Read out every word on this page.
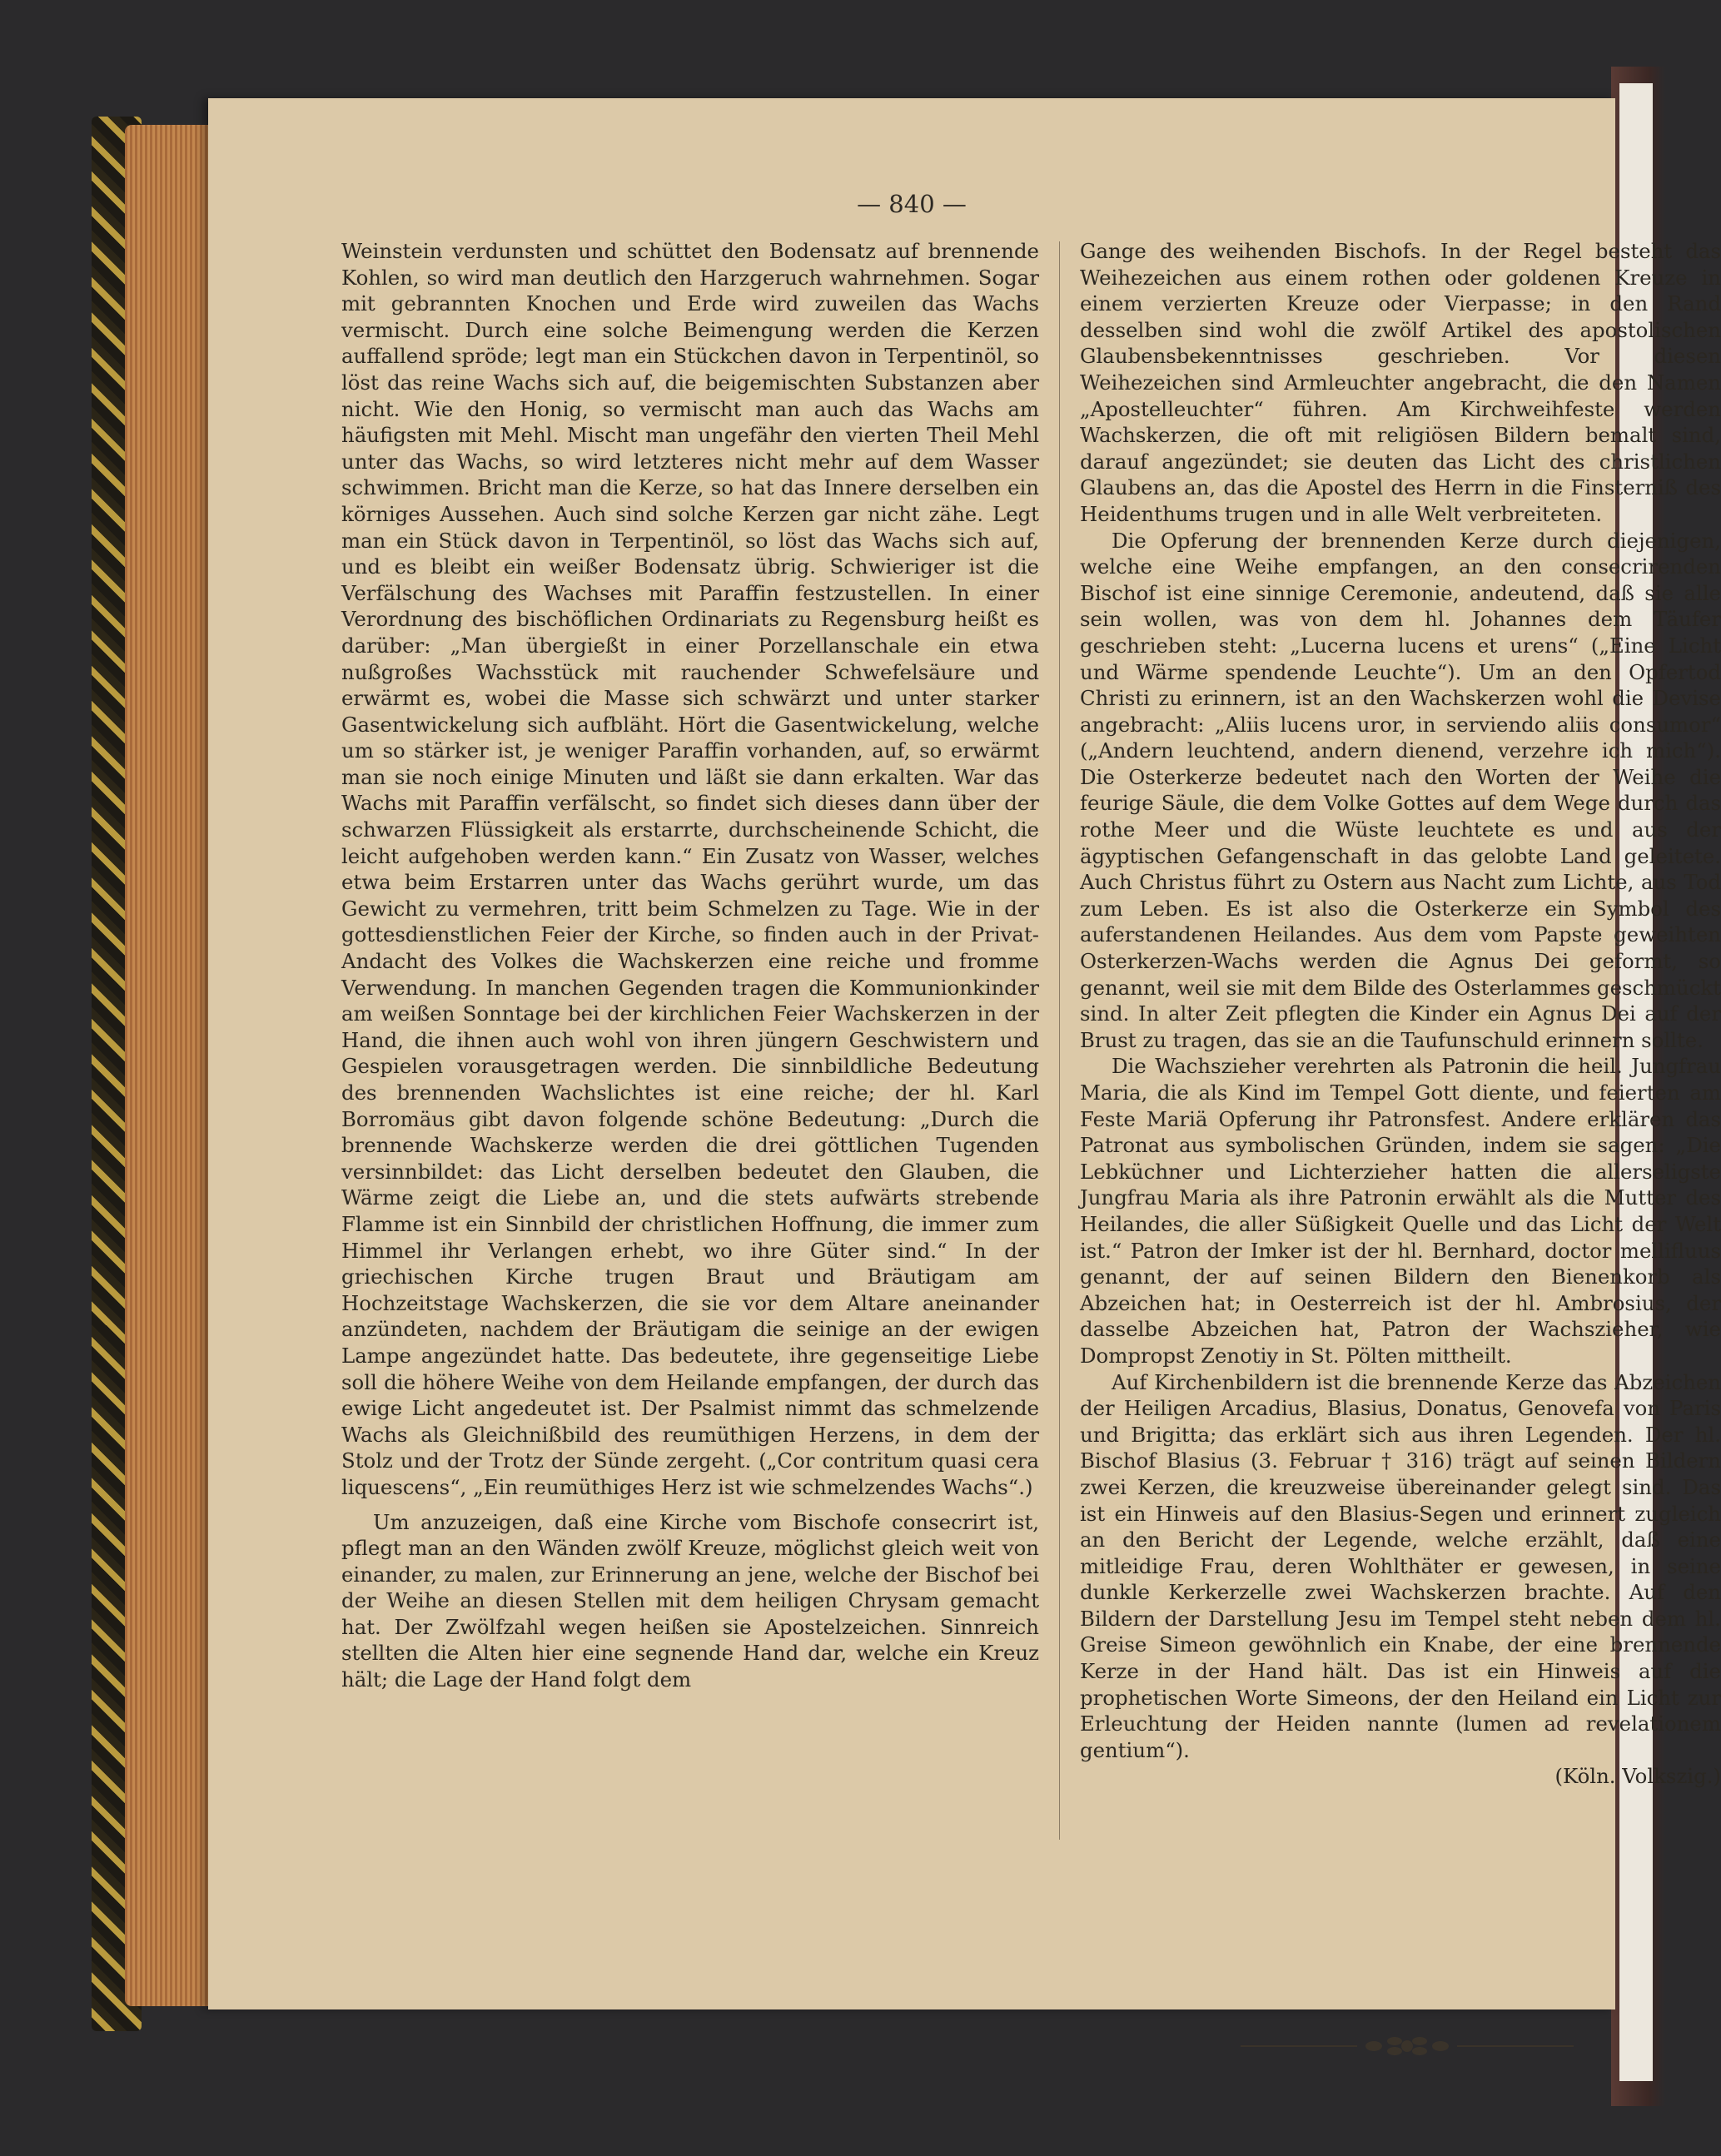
— 840 —

Weinstein verdunsten und schüttet den Bodensatz auf brennende Kohlen, so wird man deutlich den Harzgeruch wahrnehmen. Sogar mit gebrannten Knochen und Erde wird zuweilen das Wachs vermischt. Durch eine solche Beimengung werden die Kerzen auffallend spröde; legt man ein Stückchen davon in Terpentinöl, so löst das reine Wachs sich auf, die beigemischten Substanzen aber nicht. Wie den Honig, so vermischt man auch das Wachs am häufigsten mit Mehl. Mischt man ungefähr den vierten Theil Mehl unter das Wachs, so wird letzteres nicht mehr auf dem Wasser schwimmen. Bricht man die Kerze, so hat das Innere derselben ein körniges Aussehen. Auch sind solche Kerzen gar nicht zähe. Legt man ein Stück davon in Terpentinöl, so löst das Wachs sich auf, und es bleibt ein weißer Bodensatz übrig. Schwieriger ist die Verfälschung des Wachses mit Paraffin festzustellen. In einer Verordnung des bischöflichen Ordinariats zu Regensburg heißt es darüber: „Man übergießt in einer Porzellanschale ein etwa nußgroßes Wachsstück mit rauchender Schwefelsäure und erwärmt es, wobei die Masse sich schwärzt und unter starker Gasentwickelung sich aufbläht. Hört die Gasentwickelung, welche um so stärker ist, je weniger Paraffin vorhanden, auf, so erwärmt man sie noch einige Minuten und läßt sie dann erkalten. War das Wachs mit Paraffin verfälscht, so findet sich dieses dann über der schwarzen Flüssigkeit als erstarrte, durchscheinende Schicht, die leicht aufgehoben werden kann.“ Ein Zusatz von Wasser, welches etwa beim Erstarren unter das Wachs gerührt wurde, um das Gewicht zu vermehren, tritt beim Schmelzen zu Tage. Wie in der gottesdienstlichen Feier der Kirche, so finden auch in der Privat-Andacht des Volkes die Wachskerzen eine reiche und fromme Verwendung. In manchen Gegenden tragen die Kommunionkinder am weißen Sonntage bei der kirchlichen Feier Wachskerzen in der Hand, die ihnen auch wohl von ihren jüngern Geschwistern und Gespielen vorausgetragen werden. Die sinnbildliche Bedeutung des brennenden Wachslichtes ist eine reiche; der hl. Karl Borromäus gibt davon folgende schöne Bedeutung: „Durch die brennende Wachskerze werden die drei göttlichen Tugenden versinnbildet: das Licht derselben bedeutet den Glauben, die Wärme zeigt die Liebe an, und die stets aufwärts strebende Flamme ist ein Sinnbild der christlichen Hoffnung, die immer zum Himmel ihr Verlangen erhebt, wo ihre Güter sind.“ In der griechischen Kirche trugen Braut und Bräutigam am Hochzeitstage Wachskerzen, die sie vor dem Altare aneinander anzündeten, nachdem der Bräutigam die seinige an der ewigen Lampe angezündet hatte. Das bedeutete, ihre gegenseitige Liebe soll die höhere Weihe von dem Heilande empfangen, der durch das ewige Licht angedeutet ist. Der Psalmist nimmt das schmelzende Wachs als Gleichnißbild des reumüthigen Herzens, in dem der Stolz und der Trotz der Sünde zergeht. („Cor contritum quasi cera liquescens“, „Ein reumüthiges Herz ist wie schmelzendes Wachs“.)

Um anzuzeigen, daß eine Kirche vom Bischofe consecrirt ist, pflegt man an den Wänden zwölf Kreuze, möglichst gleich weit von einander, zu malen, zur Erinnerung an jene, welche der Bischof bei der Weihe an diesen Stellen mit dem heiligen Chrysam gemacht hat. Der Zwölfzahl wegen heißen sie Apostelzeichen. Sinnreich stellten die Alten hier eine segnende Hand dar, welche ein Kreuz hält; die Lage der Hand folgt dem

Gange des weihenden Bischofs. In der Regel besteht das Weihezeichen aus einem rothen oder goldenen Kreuze in einem verzierten Kreuze oder Vierpasse; in den Rand desselben sind wohl die zwölf Artikel des apostolischen Glaubensbekenntnisses geschrieben. Vor diesen Weihezeichen sind Armleuchter angebracht, die den Namen „Apostelleuchter“ führen. Am Kirchweihfeste werden Wachskerzen, die oft mit religiösen Bildern bemalt sind, darauf angezündet; sie deuten das Licht des christlichen Glaubens an, das die Apostel des Herrn in die Finsterniß des Heidenthums trugen und in alle Welt verbreiteten.

Die Opferung der brennenden Kerze durch diejenigen, welche eine Weihe empfangen, an den consecrirenden Bischof ist eine sinnige Ceremonie, andeutend, daß sie alle sein wollen, was von dem hl. Johannes dem Täufer geschrieben steht: „Lucerna lucens et urens“ („Eine Licht und Wärme spendende Leuchte“). Um an den Opfertod Christi zu erinnern, ist an den Wachskerzen wohl die Devise angebracht: „Aliis lucens uror, in serviendo aliis consumor“ („Andern leuchtend, andern dienend, verzehre ich mich“). Die Osterkerze bedeutet nach den Worten der Weihe die feurige Säule, die dem Volke Gottes auf dem Wege durch das rothe Meer und die Wüste leuchtete es und aus der ägyptischen Gefangenschaft in das gelobte Land geleitete. Auch Christus führt zu Ostern aus Nacht zum Lichte, aus Tod zum Leben. Es ist also die Osterkerze ein Symbol des auferstandenen Heilandes. Aus dem vom Papste geweihten Osterkerzen-Wachs werden die Agnus Dei geformt, so genannt, weil sie mit dem Bilde des Osterlammes geschmückt sind. In alter Zeit pflegten die Kinder ein Agnus Dei auf der Brust zu tragen, das sie an die Taufunschuld erinnern sollte.

Die Wachszieher verehrten als Patronin die heil. Jungfrau Maria, die als Kind im Tempel Gott diente, und feierten am Feste Mariä Opferung ihr Patronsfest. Andere erklären das Patronat aus symbolischen Gründen, indem sie sagen: „Die Lebküchner und Lichterzieher hatten die allerseligste Jungfrau Maria als ihre Patronin erwählt als die Mutter des Heilandes, die aller Süßigkeit Quelle und das Licht der Welt ist.“ Patron der Imker ist der hl. Bernhard, doctor mellifluus genannt, der auf seinen Bildern den Bienenkorb als Abzeichen hat; in Oesterreich ist der hl. Ambrosius, der dasselbe Abzeichen hat, Patron der Wachszieher, wie Dompropst Zenotiy in St. Pölten mittheilt.

Auf Kirchenbildern ist die brennende Kerze das Abzeichen der Heiligen Arcadius, Blasius, Donatus, Genovefa von Paris und Brigitta; das erklärt sich aus ihren Legenden. Der hl. Bischof Blasius (3. Februar † 316) trägt auf seinen Bildern zwei Kerzen, die kreuzweise übereinander gelegt sind. Das ist ein Hinweis auf den Blasius-Segen und erinnert zugleich an den Bericht der Legende, welche erzählt, daß eine mitleidige Frau, deren Wohlthäter er gewesen, in seine dunkle Kerkerzelle zwei Wachskerzen brachte. Auf den Bildern der Darstellung Jesu im Tempel steht neben dem hl. Greise Simeon gewöhnlich ein Knabe, der eine brennende Kerze in der Hand hält. Das ist ein Hinweis auf die prophetischen Worte Simeons, der den Heiland ein Licht zur Erleuchtung der Heiden nannte (lumen ad revelationem gentium“).

(Köln. Volkszig.)
